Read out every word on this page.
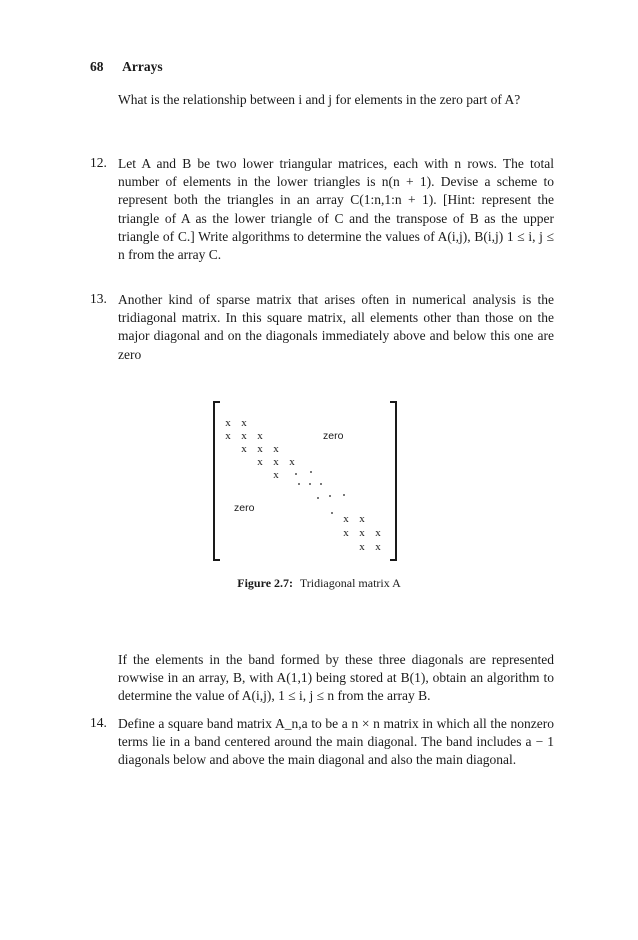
68 Arrays

What is the relationship between i and j for elements in the zero part of A?

12. Let A and B be two lower triangular matrices, each with n rows. The total number of elements in the lower triangles is n(n + 1). Devise a scheme to represent both the triangles in an array C(1:n,1:n + 1). [Hint: represent the triangle of A as the lower triangle of C and the transpose of B as the upper triangle of C.] Write algorithms to determine the values of A(i,j), B(i,j) 1 ≤ i, j ≤ n from the array C.

13. Another kind of sparse matrix that arises often in numerical analysis is the tridiagonal matrix. In this square matrix, all elements other than those on the major diagonal and on the diagonals immediately above and below this one are zero

x x
x x x
x x x
x x x
x
x x
x x x
x x
zero
zero
Figure 2.7: Tridiagonal matrix A

If the elements in the band formed by these three diagonals are represented rowwise in an array, B, with A(1,1) being stored at B(1), obtain an algorithm to determine the value of A(i,j), 1 ≤ i, j ≤ n from the array B.

14. Define a square band matrix A_n,a to be a n × n matrix in which all the nonzero terms lie in a band centered around the main diagonal. The band includes a − 1 diagonals below and above the main diagonal and also the main diagonal.
